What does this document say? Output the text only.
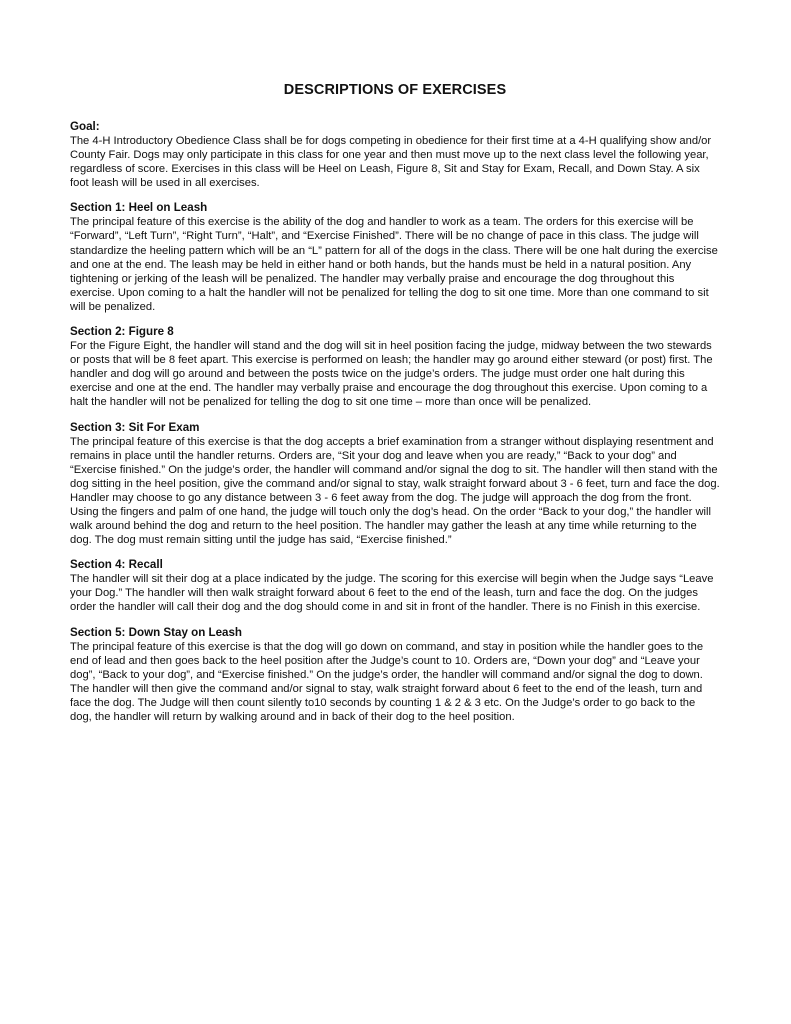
DESCRIPTIONS OF EXERCISES

Goal:

The 4-H Introductory Obedience Class shall be for dogs competing in obedience for their first time at a 4-H qualifying show and/or County Fair. Dogs may only participate in this class for one year and then must move up to the next class level the following year, regardless of score. Exercises in this class will be Heel on Leash, Figure 8, Sit and Stay for Exam, Recall, and Down Stay. A six foot leash will be used in all exercises.

Section 1: Heel on Leash

The principal feature of this exercise is the ability of the dog and handler to work as a team. The orders for this exercise will be “Forward”, “Left Turn”, “Right Turn”, “Halt”, and “Exercise Finished”. There will be no change of pace in this class. The judge will standardize the heeling pattern which will be an “L” pattern for all of the dogs in the class. There will be one halt during the exercise and one at the end. The leash may be held in either hand or both hands, but the hands must be held in a natural position. Any tightening or jerking of the leash will be penalized. The handler may verbally praise and encourage the dog throughout this exercise. Upon coming to a halt the handler will not be penalized for telling the dog to sit one time. More than one command to sit will be penalized.

Section 2: Figure 8

For the Figure Eight, the handler will stand and the dog will sit in heel position facing the judge, midway between the two stewards or posts that will be 8 feet apart. This exercise is performed on leash; the handler may go around either steward (or post) first. The handler and dog will go around and between the posts twice on the judge’s orders. The judge must order one halt during this exercise and one at the end. The handler may verbally praise and encourage the dog throughout this exercise. Upon coming to a halt the handler will not be penalized for telling the dog to sit one time – more than once will be penalized.

Section 3: Sit For Exam

The principal feature of this exercise is that the dog accepts a brief examination from a stranger without displaying resentment and remains in place until the handler returns. Orders are, “Sit your dog and leave when you are ready,” “Back to your dog” and “Exercise finished.” On the judge’s order, the handler will command and/or signal the dog to sit. The handler will then stand with the dog sitting in the heel position, give the command and/or signal to stay, walk straight forward about 3 - 6 feet, turn and face the dog. Handler may choose to go any distance between 3 - 6 feet away from the dog. The judge will approach the dog from the front. Using the fingers and palm of one hand, the judge will touch only the dog’s head. On the order “Back to your dog,” the handler will walk around behind the dog and return to the heel position. The handler may gather the leash at any time while returning to the dog. The dog must remain sitting until the judge has said, “Exercise finished.”

Section 4: Recall

The handler will sit their dog at a place indicated by the judge. The scoring for this exercise will begin when the Judge says “Leave your Dog.” The handler will then walk straight forward about 6 feet to the end of the leash, turn and face the dog. On the judges order the handler will call their dog and the dog should come in and sit in front of the handler. There is no Finish in this exercise.

Section 5: Down Stay on Leash

The principal feature of this exercise is that the dog will go down on command, and stay in position while the handler goes to the end of lead and then goes back to the heel position after the Judge’s count to 10. Orders are, “Down your dog” and “Leave your dog”, “Back to your dog”, and “Exercise finished.” On the judge’s order, the handler will command and/or signal the dog to down. The handler will then give the command and/or signal to stay, walk straight forward about 6 feet to the end of the leash, turn and face the dog. The Judge will then count silently to10 seconds by counting 1 & 2 & 3 etc. On the Judge’s order to go back to the dog, the handler will return by walking around and in back of their dog to the heel position.
